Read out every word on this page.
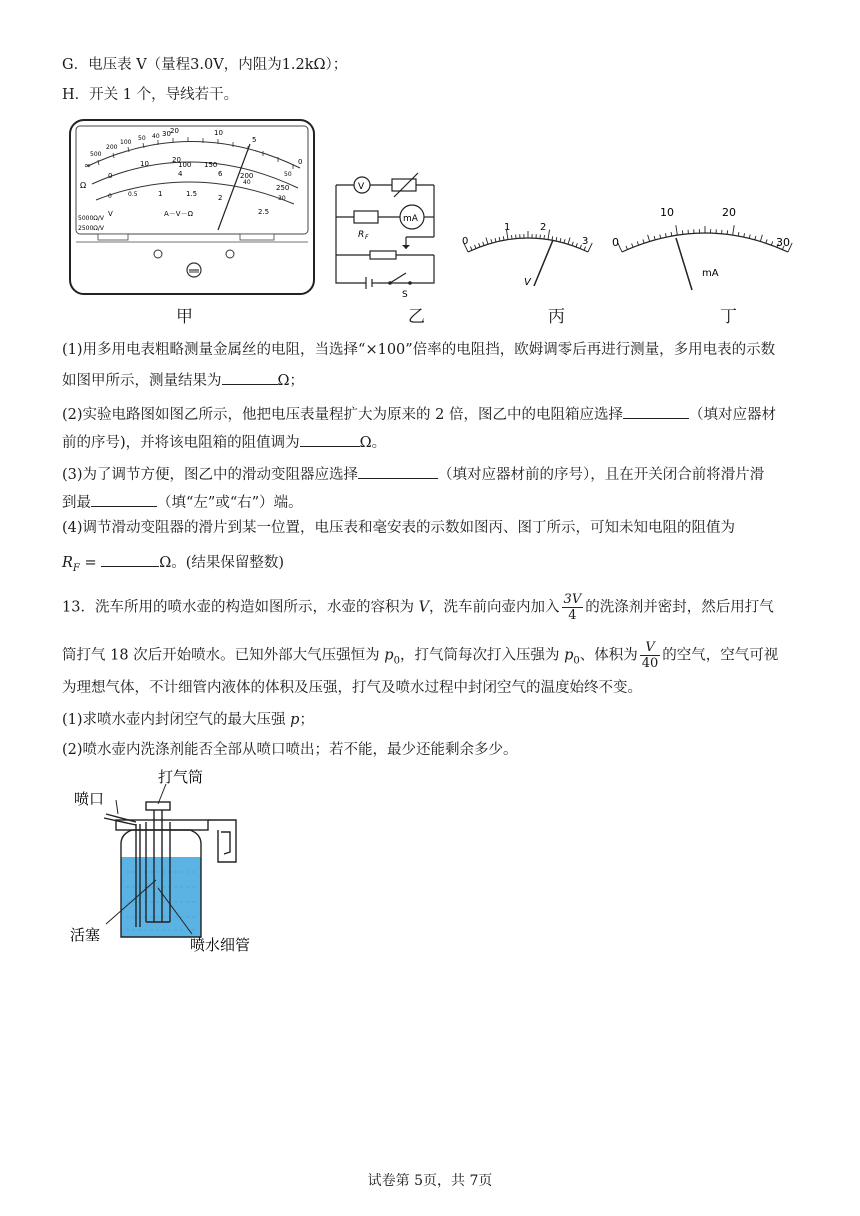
G．电压表 V（量程3.0V，内阻为1.2kΩ）；
H．开关 1 个，导线若干。
∞
500
200
100
50 40 30 20	10
5
0
0
10	20
4	6
250
200
100 150
50
30
2
2.5
40
0	0.5	1	1.5
A－V－Ω
5000Ω/V
2500Ω/V
Ω
V
V
mA
R F
S
0
1	2
3
V
0
10	20
30
mA
甲	乙	丙	丁
(1)用多用电表粗略测量金属丝的电阻，当选择“×100”倍率的电阻挡，欧姆调零后再进行测量，多用电表的示数
如图甲所示，测量结果为	Ω；
(2)实验电路图如图乙所示，他把电压表量程扩大为原来的 2 倍，图乙中的电阻箱应选择	（填对应器材
前的序号)，并将该电阻箱的阻值调为	Ω。
(3)为了调节方便，图乙中的滑动变阻器应选择	（填对应器材前的序号），且在开关闭合前将滑片滑
到最	（填“左”或“右”）端。
(4)调节滑动变阻器的滑片到某一位置，电压表和毫安表的示数如图丙、图丁所示，可知未知电阻的阻值为
$R_F$ =	Ω。(结果保留整数)
13．洗车所用的喷水壶的构造如图所示，水壶的容积为 V，洗车前向壶内加入 $\frac{3V}{4}$ 的洗涤剂并密封，然后用打气
筒打气 18 次后开始喷水。已知外部大气压强恒为 $p_0$，打气筒每次打入压强为 $p_0$、体积为 $\frac{V}{40}$ 的空气，空气可视
为理想气体，不计细管内液体的体积及压强，打气及喷水过程中封闭空气的温度始终不变。
(1)求喷水壶内封闭空气的最大压强 p；
(2)喷水壶内洗涤剂能否全部从喷口喷出；若不能，最少还能剩余多少。
打气筒
喷口
活塞
喷水细管
试卷第 5页，共 7页
